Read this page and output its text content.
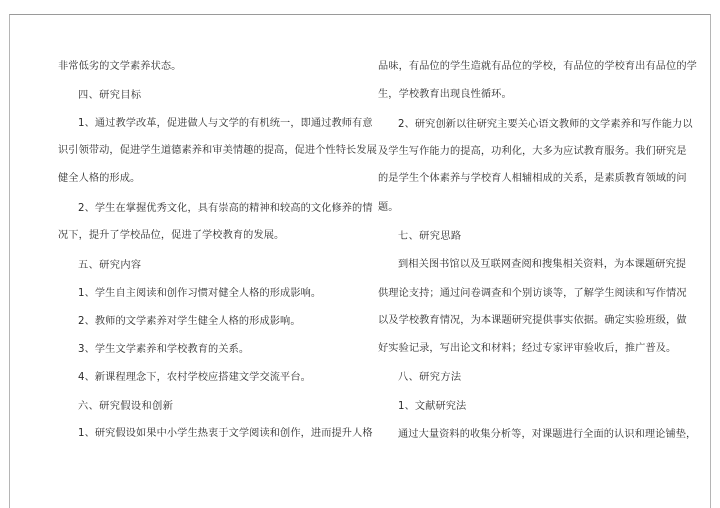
非常低劣的文学素养状态。
四、研究目标
1、通过教学改革，促进做人与文学的有机统一，即通过教师有意
识引领带动，促进学生道德素养和审美情趣的提高，促进个性特长发展
健全人格的形成。
2、学生在掌握优秀文化，具有崇高的精神和较高的文化修养的情
况下，提升了学校品位，促进了学校教育的发展。
五、研究内容
1、学生自主阅读和创作习惯对健全人格的形成影响。
2、教师的文学素养对学生健全人格的形成影响。
3、学生文学素养和学校教育的关系。
4、新课程理念下，农村学校应搭建文学交流平台。
六、研究假设和创新
1、研究假设如果中小学生热衷于文学阅读和创作，进而提升人格
品味，有品位的学生造就有品位的学校，有品位的学校育出有品位的学
生，学校教育出现良性循环。
2、研究创新以往研究主要关心语文教师的文学素养和写作能力以
及学生写作能力的提高，功利化，大多为应试教育服务。我们研究是
的是学生个体素养与学校育人相辅相成的关系，是素质教育领域的问
题。
七、研究思路
到相关图书馆以及互联网查阅和搜集相关资料，为本课题研究提
供理论支持；通过问卷调查和个别访谈等，了解学生阅读和写作情况
以及学校教育情况，为本课题研究提供事实依据。确定实验班级，做
好实验记录，写出论文和材料；经过专家评审验收后，推广普及。
八、研究方法
1、文献研究法
通过大量资料的收集分析等，对课题进行全面的认识和理论铺垫，
